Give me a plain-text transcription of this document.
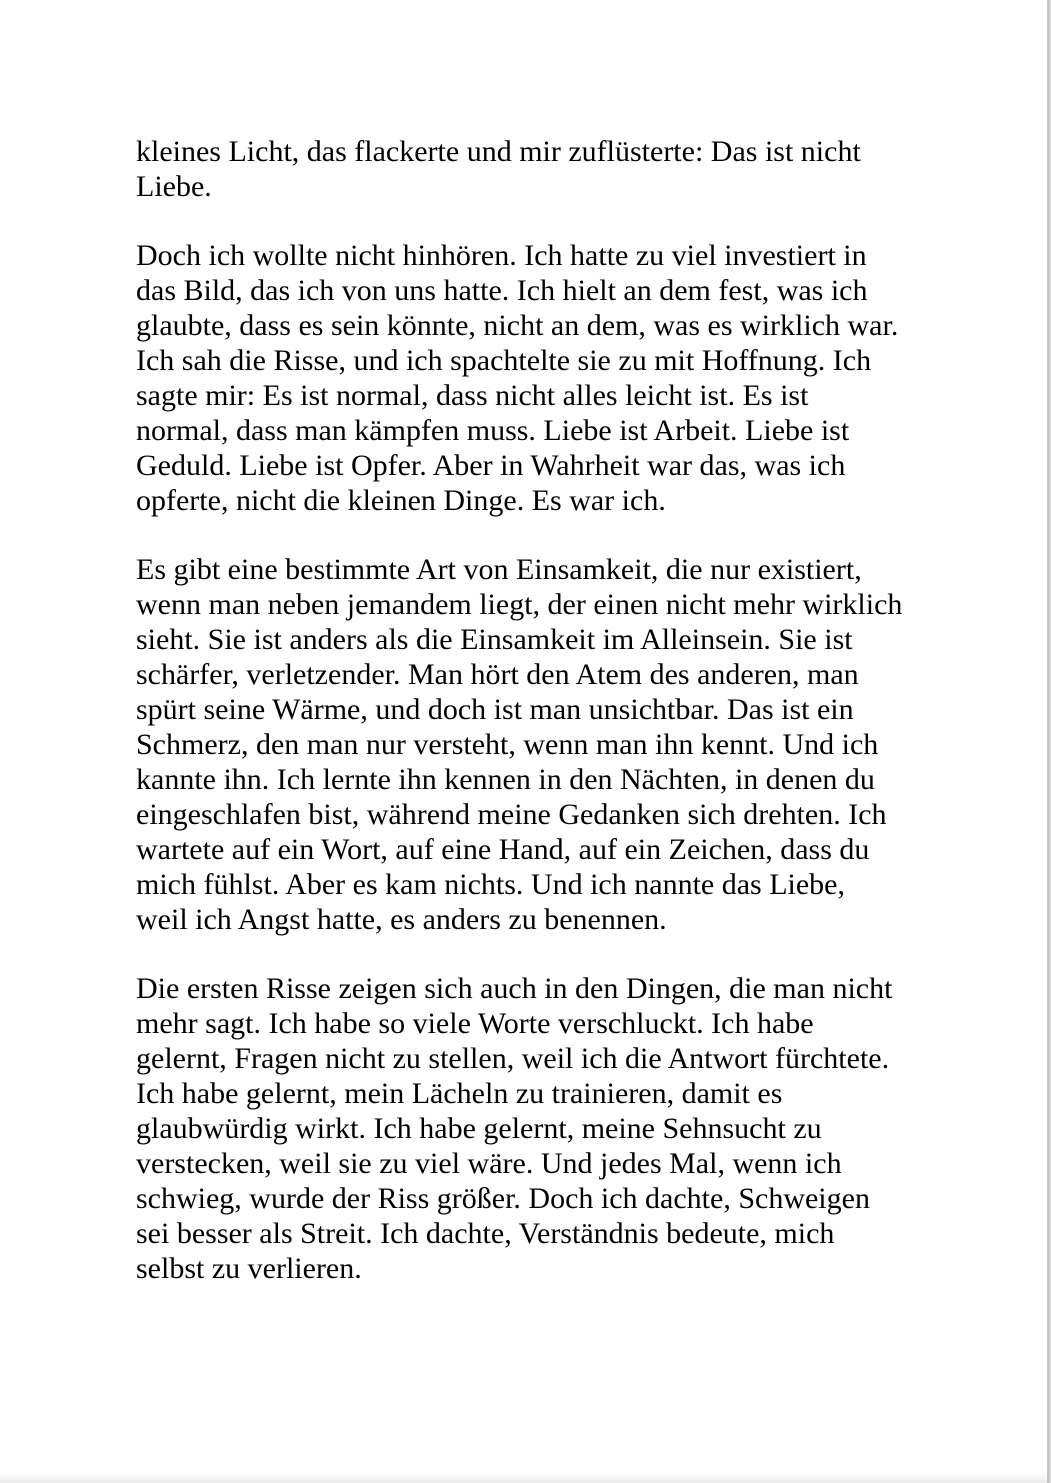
kleines Licht, das flackerte und mir zuflüsterte: Das ist nicht
Liebe.
Doch ich wollte nicht hinhören. Ich hatte zu viel investiert in
das Bild, das ich von uns hatte. Ich hielt an dem fest, was ich
glaubte, dass es sein könnte, nicht an dem, was es wirklich war.
Ich sah die Risse, und ich spachtelte sie zu mit Hoffnung. Ich
sagte mir: Es ist normal, dass nicht alles leicht ist. Es ist
normal, dass man kämpfen muss. Liebe ist Arbeit. Liebe ist
Geduld. Liebe ist Opfer. Aber in Wahrheit war das, was ich
opferte, nicht die kleinen Dinge. Es war ich.
Es gibt eine bestimmte Art von Einsamkeit, die nur existiert,
wenn man neben jemandem liegt, der einen nicht mehr wirklich
sieht. Sie ist anders als die Einsamkeit im Alleinsein. Sie ist
schärfer, verletzender. Man hört den Atem des anderen, man
spürt seine Wärme, und doch ist man unsichtbar. Das ist ein
Schmerz, den man nur versteht, wenn man ihn kennt. Und ich
kannte ihn. Ich lernte ihn kennen in den Nächten, in denen du
eingeschlafen bist, während meine Gedanken sich drehten. Ich
wartete auf ein Wort, auf eine Hand, auf ein Zeichen, dass du
mich fühlst. Aber es kam nichts. Und ich nannte das Liebe,
weil ich Angst hatte, es anders zu benennen.
Die ersten Risse zeigen sich auch in den Dingen, die man nicht
mehr sagt. Ich habe so viele Worte verschluckt. Ich habe
gelernt, Fragen nicht zu stellen, weil ich die Antwort fürchtete.
Ich habe gelernt, mein Lächeln zu trainieren, damit es
glaubwürdig wirkt. Ich habe gelernt, meine Sehnsucht zu
verstecken, weil sie zu viel wäre. Und jedes Mal, wenn ich
schwieg, wurde der Riss größer. Doch ich dachte, Schweigen
sei besser als Streit. Ich dachte, Verständnis bedeute, mich
selbst zu verlieren.
